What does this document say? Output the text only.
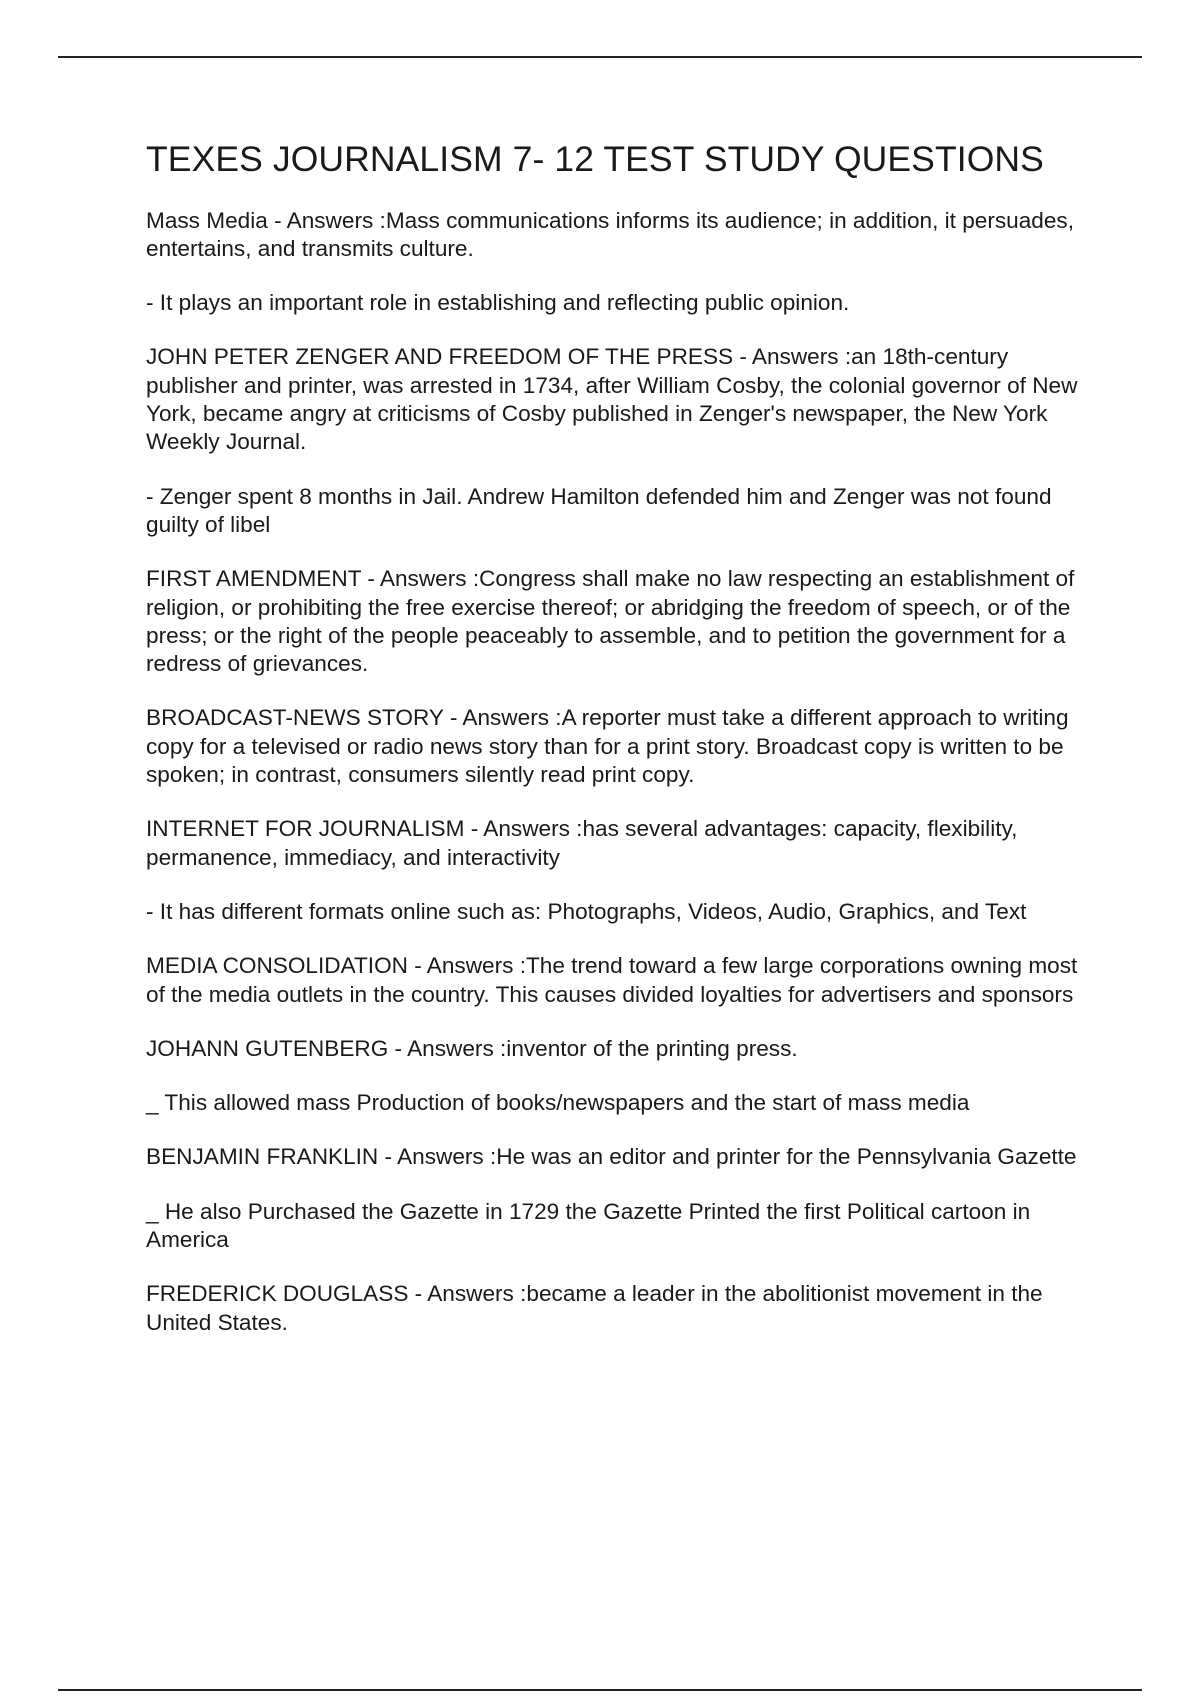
TEXES JOURNALISM 7- 12 TEST STUDY QUESTIONS

Mass Media - Answers :Mass communications informs its audience; in addition, it persuades, entertains, and transmits culture.

- It plays an important role in establishing and reflecting public opinion.

JOHN PETER ZENGER AND FREEDOM OF THE PRESS - Answers :an 18th-century publisher and printer, was arrested in 1734, after William Cosby, the colonial governor of New York, became angry at criticisms of Cosby published in Zenger's newspaper, the New York Weekly Journal.

- Zenger spent 8 months in Jail. Andrew Hamilton defended him and Zenger was not found guilty of libel

FIRST AMENDMENT - Answers :Congress shall make no law respecting an establishment of religion, or prohibiting the free exercise thereof; or abridging the freedom of speech, or of the press; or the right of the people peaceably to assemble, and to petition the government for a redress of grievances.

BROADCAST-NEWS STORY - Answers :A reporter must take a different approach to writing copy for a televised or radio news story than for a print story. Broadcast copy is written to be spoken; in contrast, consumers silently read print copy.

INTERNET FOR JOURNALISM - Answers :has several advantages: capacity, flexibility, permanence, immediacy, and interactivity

- It has different formats online such as: Photographs, Videos, Audio, Graphics, and Text

MEDIA CONSOLIDATION - Answers :The trend toward a few large corporations owning most of the media outlets in the country. This causes divided loyalties for advertisers and sponsors

JOHANN GUTENBERG - Answers :inventor of the printing press.

_ This allowed mass Production of books/newspapers and the start of mass media

BENJAMIN FRANKLIN - Answers :He was an editor and printer for the Pennsylvania Gazette

_ He also Purchased the Gazette in 1729 the Gazette Printed the first Political cartoon in America

FREDERICK DOUGLASS - Answers :became a leader in the abolitionist movement in the United States.
